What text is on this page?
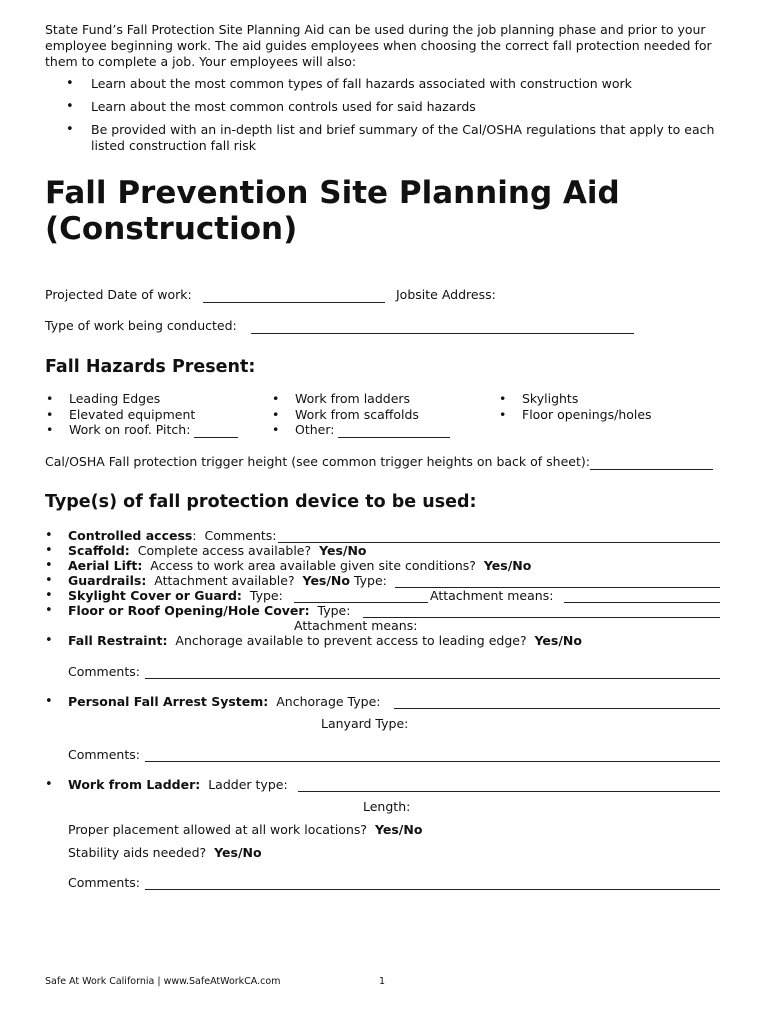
State Fund’s Fall Protection Site Planning Aid can be used during the job planning phase and prior to your employee beginning work. The aid guides employees when choosing the correct fall protection needed for them to complete a job. Your employees will also:

• Learn about the most common types of fall hazards associated with construction work
• Learn about the most common controls used for said hazards
• Be provided with an in-depth list and brief summary of the Cal/OSHA regulations that apply to each listed construction fall risk
Fall Prevention Site Planning Aid (Construction)
Projected Date of work:	Jobsite Address:
Type of work being conducted:
Fall Hazards Present:
• Leading Edges
• Elevated equipment
• Work on roof. Pitch:
• Work from ladders
• Work from scaffolds
• Other:
• Skylights
• Floor openings/holes
Cal/OSHA Fall protection trigger height (see common trigger heights on back of sheet):
Type(s) of fall protection device to be used:
•
•
•
•
•
•
•
•
•
Controlled access: Comments:
Scaffold: Complete access available? Yes/No
Aerial Lift: Access to work area available given site conditions? Yes/No
Guardrails: Attachment available? Yes/No Type:
Skylight Cover or Guard: Type:	Attachment means:
Floor or Roof Opening/Hole Cover: Type:
Attachment means:
Fall Restraint: Anchorage available to prevent access to leading edge? Yes/No
Comments:
Personal Fall Arrest System: Anchorage Type:
Lanyard Type:
Comments:
Work from Ladder: Ladder type:
Length:
Proper placement allowed at all work locations? Yes/No
Stability aids needed? Yes/No
Comments:
Safe At Work California | www.SafeAtWorkCA.com	1
